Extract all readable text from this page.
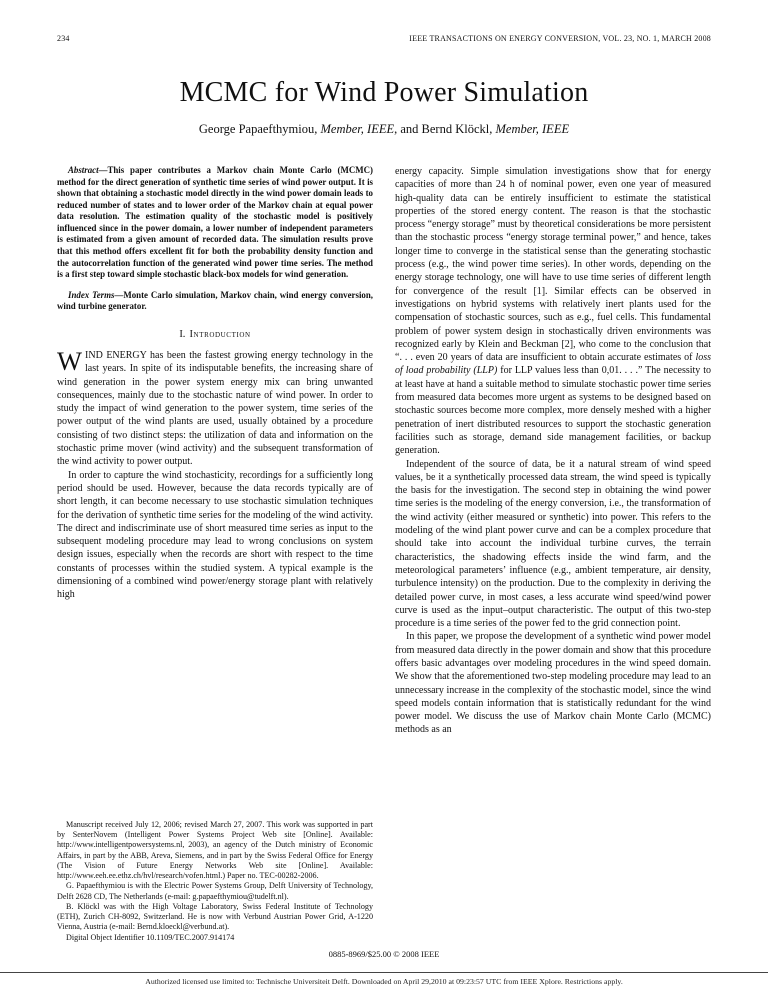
234	IEEE TRANSACTIONS ON ENERGY CONVERSION, VOL. 23, NO. 1, MARCH 2008
MCMC for Wind Power Simulation
George Papaefthymiou, Member, IEEE, and Bernd Klöckl, Member, IEEE

Abstract—This paper contributes a Markov chain Monte Carlo (MCMC) method for the direct generation of synthetic time series of wind power output. It is shown that obtaining a stochastic model directly in the wind power domain leads to reduced number of states and to lower order of the Markov chain at equal power data resolution. The estimation quality of the stochastic model is positively influenced since in the power domain, a lower number of independent parameters is estimated from a given amount of recorded data. The simulation results prove that this method offers excellent fit for both the probability density function and the autocorrelation function of the generated wind power time series. The method is a first step toward simple stochastic black-box models for wind generation.

Index Terms—Monte Carlo simulation, Markov chain, wind energy conversion, wind turbine generator.

I. Introduction

WIND ENERGY has been the fastest growing energy technology in the last years. In spite of its indisputable benefits, the increasing share of wind generation in the power system energy mix can bring unwanted consequences, mainly due to the stochastic nature of wind power. In order to study the impact of wind generation to the power system, time series of the power output of the wind plants are used, usually obtained by a procedure consisting of two distinct steps: the utilization of data and information on the stochastic prime mover (wind activity) and the subsequent transformation of the wind activity to power output.

In order to capture the wind stochasticity, recordings for a sufficiently long period should be used. However, because the data records typically are of short length, it can become necessary to use stochastic simulation techniques for the derivation of synthetic time series for the modeling of the wind activity. The direct and indiscriminate use of short measured time series as input to the subsequent modeling procedure may lead to wrong conclusions on system design issues, especially when the records are short with respect to the time constants of processes within the studied system. A typical example is the dimensioning of a combined wind power/energy storage plant with relatively high

Manuscript received July 12, 2006; revised March 27, 2007. This work was supported in part by SenterNovem (Intelligent Power Systems Project Web site [Online]. Available: http://www.intelligentpowersystems.nl, 2003), an agency of the Dutch ministry of Economic Affairs, in part by the ABB, Areva, Siemens, and in part by the Swiss Federal Office for Energy (The Vision of Future Energy Networks Web site [Online]. Available: http://www.eeh.ee.ethz.ch/hvl/research/vofen.html.) Paper no. TEC-00282-2006.

G. Papaefthymiou is with the Electric Power Systems Group, Delft University of Technology, Delft 2628 CD, The Netherlands (e-mail: g.papaefthymiou@tudelft.nl).

B. Klöckl was with the High Voltage Laboratory, Swiss Federal Institute of Technology (ETH), Zurich CH-8092, Switzerland. He is now with Verbund Austrian Power Grid, A-1220 Vienna, Austria (e-mail: Bernd.kloeckl@verbund.at).

Digital Object Identifier 10.1109/TEC.2007.914174

energy capacity. Simple simulation investigations show that for energy capacities of more than 24 h of nominal power, even one year of measured high-quality data can be entirely insufficient to estimate the statistical properties of the stored energy content. The reason is that the stochastic process “energy storage” must by theoretical considerations be more persistent than the stochastic process “energy storage terminal power,” and hence, takes longer time to converge in the statistical sense than the generating stochastic process (e.g., the wind power time series). In other words, depending on the energy storage technology, one will have to use time series of different length for convergence of the result [1]. Similar effects can be observed in investigations on hybrid systems with relatively inert plants used for the compensation of stochastic sources, such as e.g., fuel cells. This fundamental problem of power system design in stochastically driven environments was recognized early by Klein and Beckman [2], who come to the conclusion that “. . . even 20 years of data are insufficient to obtain accurate estimates of loss of load probability (LLP) for LLP values less than 0,01. . . .” The necessity to at least have at hand a suitable method to simulate stochastic power time series from measured data becomes more urgent as systems to be designed based on stochastic sources become more complex, more densely meshed with a higher penetration of inert distributed resources to support the stochastic generation facilities such as storage, demand side management facilities, or backup generation.

Independent of the source of data, be it a natural stream of wind speed values, be it a synthetically processed data stream, the wind speed is typically the basis for the investigation. The second step in obtaining the wind power time series is the modeling of the energy conversion, i.e., the transformation of the wind activity (either measured or synthetic) into power. This refers to the modeling of the wind plant power curve and can be a complex procedure that should take into account the individual turbine curves, the terrain characteristics, the shadowing effects inside the wind farm, and the meteorological parameters’ influence (e.g., ambient temperature, air density, turbulence intensity) on the production. Due to the complexity in deriving the detailed power curve, in most cases, a less accurate wind speed/wind power curve is used as the input–output characteristic. The output of this two-step procedure is a time series of the power fed to the grid connection point.

In this paper, we propose the development of a synthetic wind power model from measured data directly in the power domain and show that this procedure offers basic advantages over modeling procedures in the wind speed domain. We show that the aforementioned two-step modeling procedure may lead to an unnecessary increase in the complexity of the stochastic model, since the wind speed models contain information that is statistically redundant for the wind power model. We discuss the use of Markov chain Monte Carlo (MCMC) methods as an

0885-8969/$25.00 © 2008 IEEE
Authorized licensed use limited to: Technische Universiteit Delft. Downloaded on April 29,2010 at 09:23:57 UTC from IEEE Xplore. Restrictions apply.
